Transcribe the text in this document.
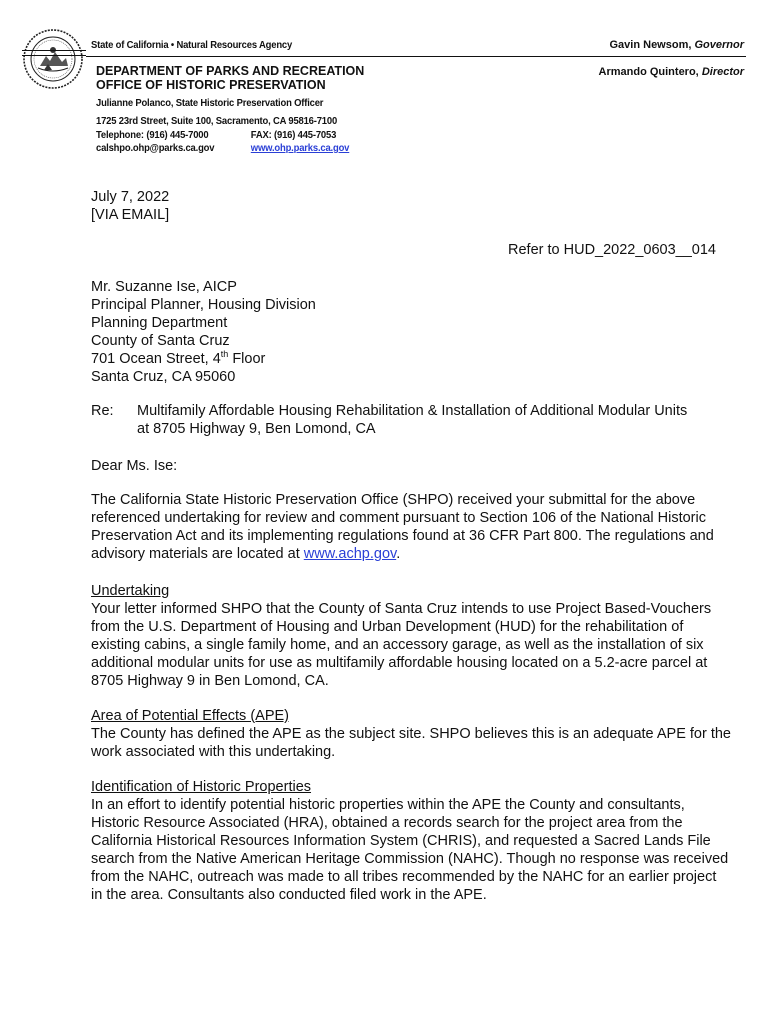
State of California • Natural Resources Agency	Gavin Newsom, Governor
DEPARTMENT OF PARKS AND RECREATION
OFFICE OF HISTORIC PRESERVATION
Armando Quintero, Director
Julianne Polanco, State Historic Preservation Officer
1725 23rd Street, Suite 100, Sacramento, CA 95816-7100
Telephone: (916) 445-7000	FAX: (916) 445-7053
calshpo.ohp@parks.ca.gov	www.ohp.parks.ca.gov
July 7, 2022
[VIA EMAIL]
Refer to HUD_2022_0603__014
Mr. Suzanne Ise, AICP
Principal Planner, Housing Division
Planning Department
County of Santa Cruz
701 Ocean Street, 4th Floor
Santa Cruz, CA 95060
Re:	Multifamily Affordable Housing Rehabilitation & Installation of Additional Modular Units
at 8705 Highway 9, Ben Lomond, CA
Dear Ms. Ise:
The California State Historic Preservation Office (SHPO) received your submittal for the above referenced undertaking for review and comment pursuant to Section 106 of the National Historic Preservation Act and its implementing regulations found at 36 CFR Part 800. The regulations and advisory materials are located at www.achp.gov.
Undertaking
Your letter informed SHPO that the County of Santa Cruz intends to use Project Based-Vouchers from the U.S. Department of Housing and Urban Development (HUD) for the rehabilitation of existing cabins, a single family home, and an accessory garage, as well as the installation of six additional modular units for use as multifamily affordable housing located on a 5.2-acre parcel at 8705 Highway 9 in Ben Lomond, CA.
Area of Potential Effects (APE)
The County has defined the APE as the subject site. SHPO believes this is an adequate APE for the work associated with this undertaking.
Identification of Historic Properties
In an effort to identify potential historic properties within the APE the County and consultants, Historic Resource Associated (HRA), obtained a records search for the project area from the California Historical Resources Information System (CHRIS), and requested a Sacred Lands File search from the Native American Heritage Commission (NAHC). Though no response was received from the NAHC, outreach was made to all tribes recommended by the NAHC for an earlier project in the area. Consultants also conducted filed work in the APE.
